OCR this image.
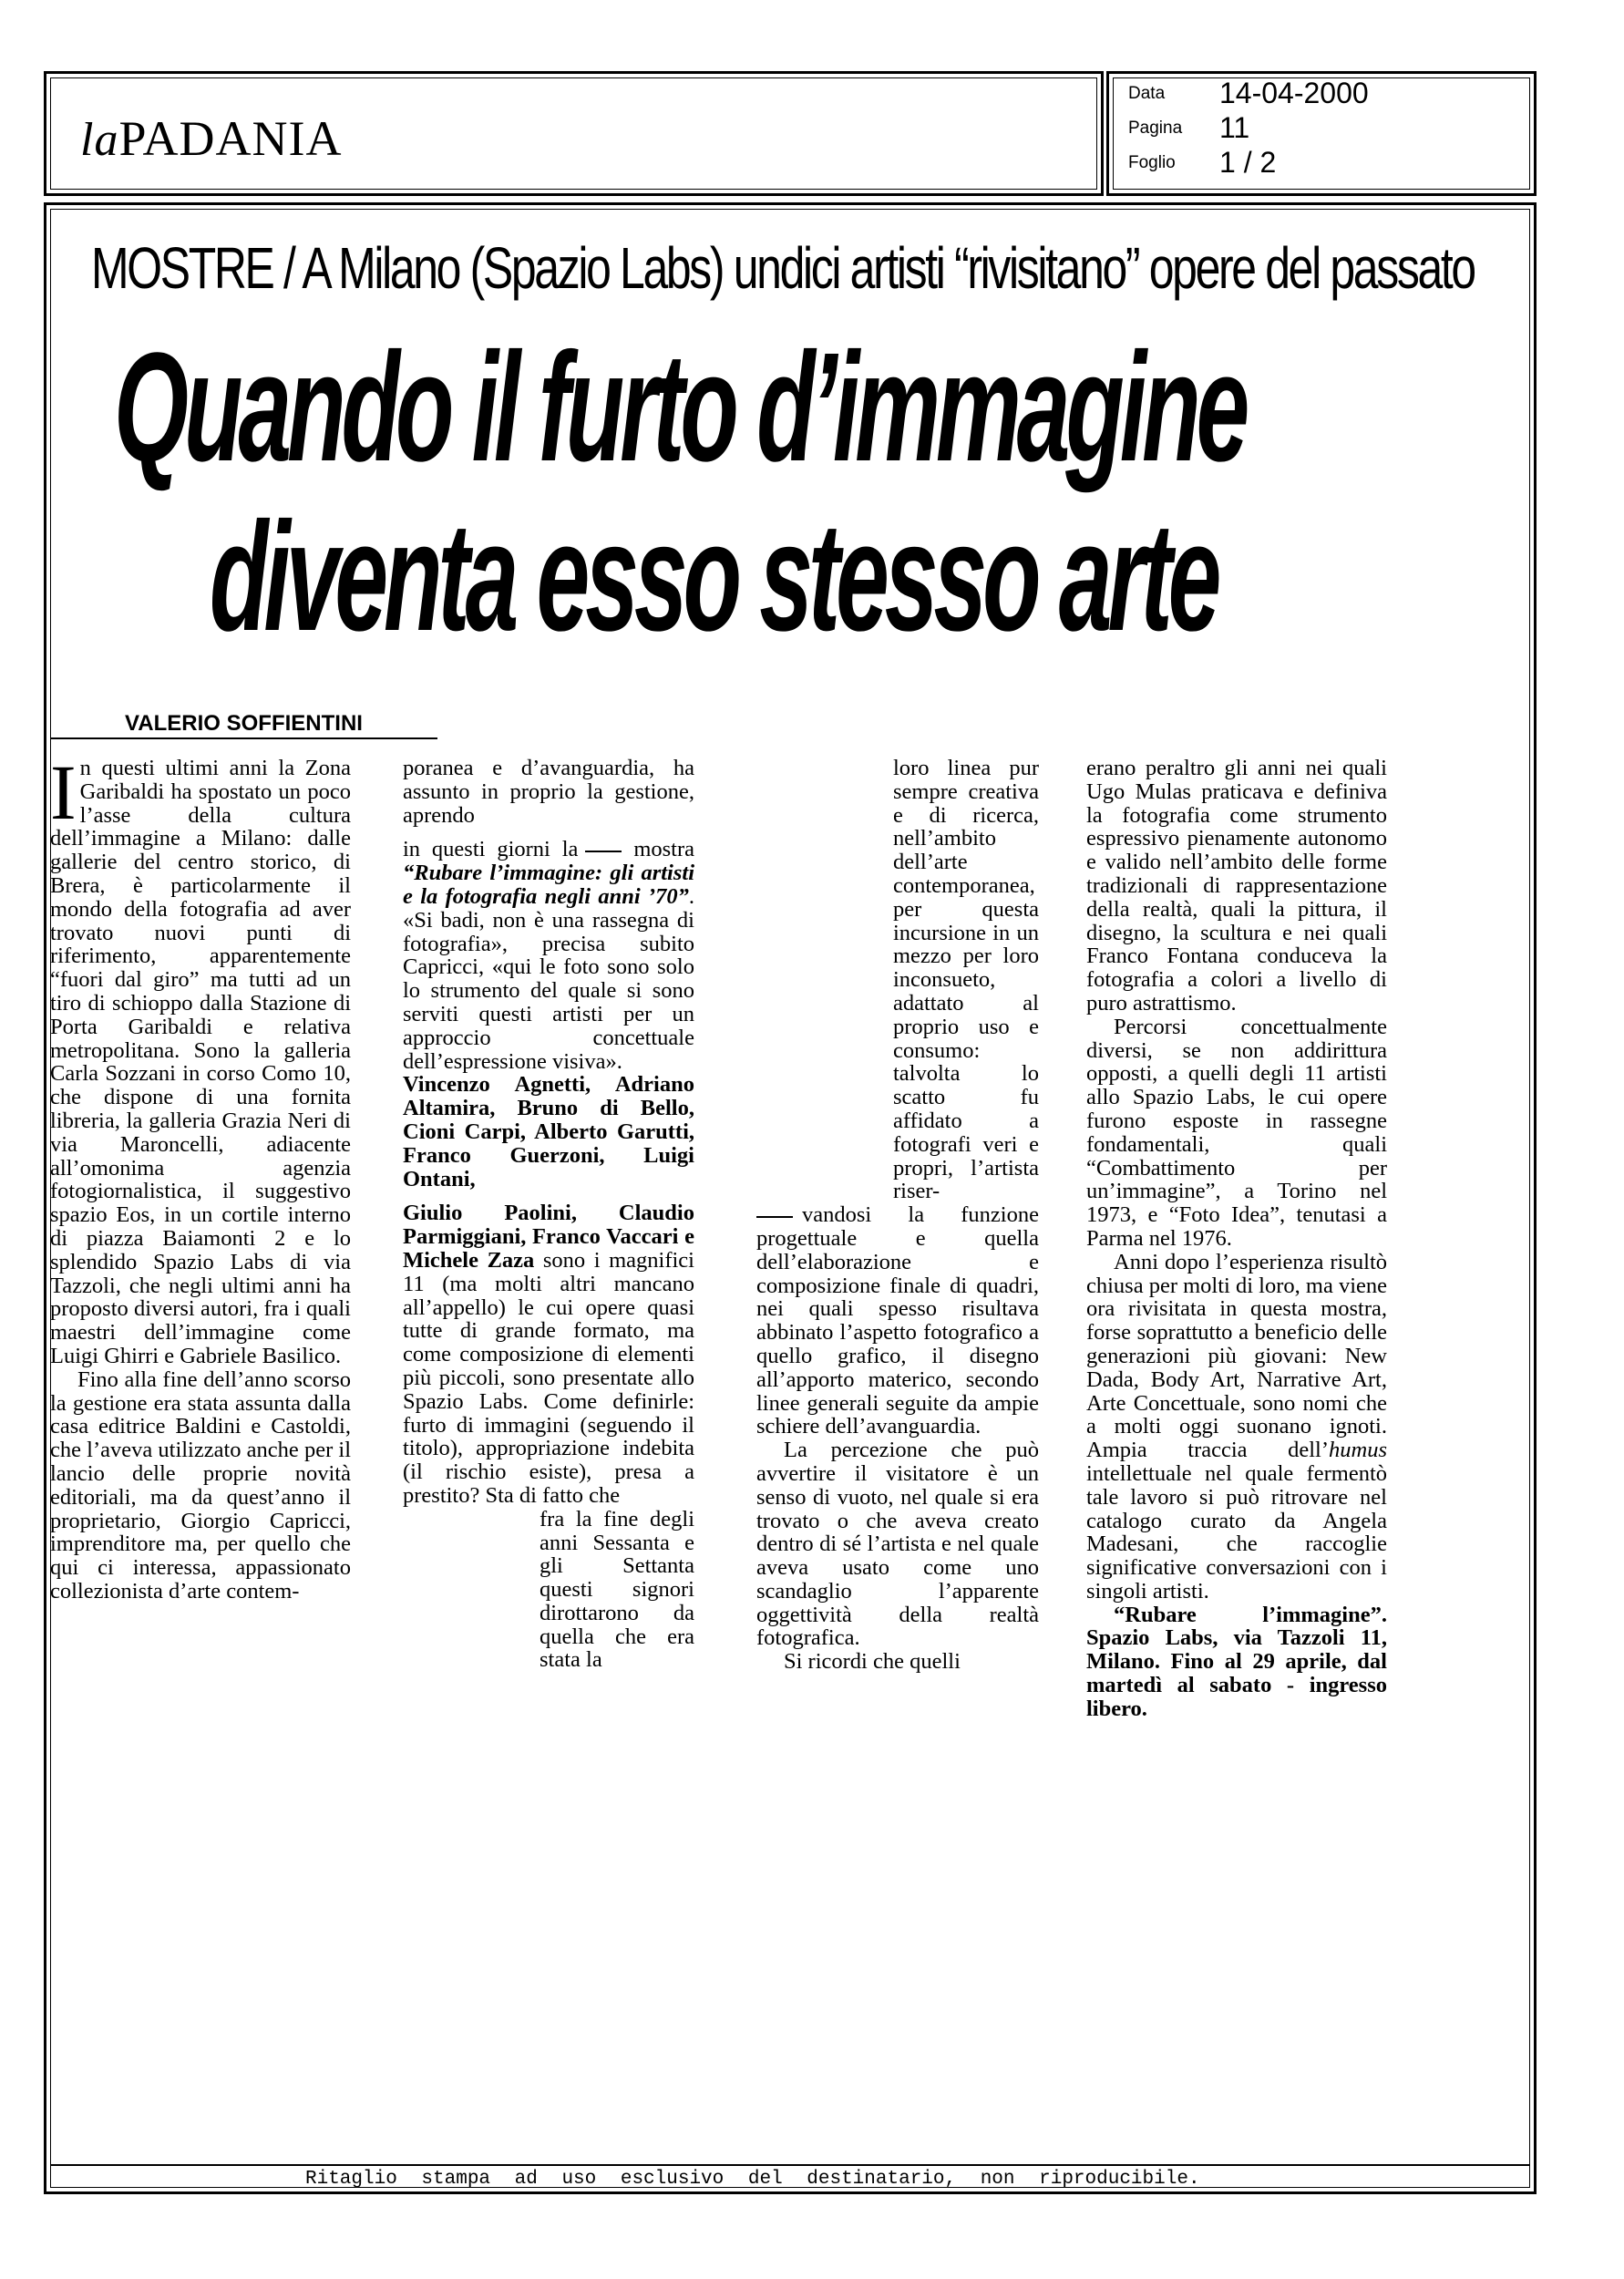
laPADANIA
Data 14-04-2000
Pagina 11
Foglio 1 / 2
MOSTRE / A Milano (Spazio Labs) undici artisti “rivisitano” opere del passato
Quando il furto d’immagine
diventa esso stesso arte
VALERIO SOFFIENTINI

In questi ultimi anni la Zona Garibaldi ha spostato un poco l’asse della cultura dell’immagine a Milano: dalle gallerie del centro storico, di Brera, è particolarmente il mondo della fotografia ad aver trovato nuovi punti di riferimento, apparentemente “fuori dal giro” ma tutti ad un tiro di schioppo dalla Stazione di Porta Garibaldi e relativa metropolitana. Sono la galleria Carla Sozzani in corso Como 10, che dispone di una fornita libreria, la galleria Grazia Neri di via Maroncelli, adiacente all’omonima agenzia fotogiornalistica, il suggestivo spazio Eos, in un cortile interno di piazza Baiamonti 2 e lo splendido Spazio Labs di via Tazzoli, che negli ultimi anni ha proposto diversi autori, fra i quali maestri dell’immagine come Luigi Ghirri e Gabriele Basilico.

Fino alla fine dell’anno scorso la gestione era stata assunta dalla casa editrice Baldini e Castoldi, che l’aveva utilizzato anche per il lancio delle proprie novità editoriali, ma da quest’anno il proprietario, Giorgio Capricci, imprenditore ma, per quello che qui ci interessa, appassionato collezionista d’arte contem-

poranea e d’avanguardia, ha assunto in proprio la gestione, aprendo

in questi giorni la mostra “Rubare l’immagine: gli artisti e la fotografia negli anni ’70”. «Si badi, non è una rassegna di fotografia», precisa subito Capricci, «qui le foto sono solo lo strumento del quale si sono serviti questi artisti per un approccio concettuale dell’espressione visiva».

Vincenzo Agnetti, Adriano Altamira, Bruno di Bello, Cioni Carpi, Alberto Garutti, Franco Guerzoni, Luigi Ontani,

Giulio Paolini, Claudio Parmiggiani, Franco Vaccari e Michele Zaza sono i magnifici 11 (ma molti altri mancano all’appello) le cui opere quasi tutte di grande formato, ma come composizione di elementi più piccoli, sono presentate allo Spazio Labs. Come definirle: furto di immagini (seguendo il titolo), appropriazione indebita (il rischio esiste), presa a prestito? Sta di fatto che

fra la fine degli anni Sessanta e gli Settanta questi signori dirottarono da quella che era stata la

loro linea pur sempre creativa e di ricerca, nell’ambito dell’arte contemporanea, per questa incursione in un mezzo per loro inconsueto, adattato al proprio uso e consumo: talvolta lo scatto fu affidato a fotografi veri e propri, l’artista riser-

vandosi la funzione progettuale e quella dell’elaborazione e composizione finale di quadri, nei quali spesso risultava abbinato l’aspetto fotografico a quello grafico, il disegno all’apporto materico, secondo linee generali seguite da ampie schiere dell’avanguardia.

La percezione che può avvertire il visitatore è un senso di vuoto, nel quale si era trovato o che aveva creato dentro di sé l’artista e nel quale aveva usato come uno scandaglio l’apparente oggettività della realtà fotografica.

Si ricordi che quelli

erano peraltro gli anni nei quali Ugo Mulas praticava e definiva la fotografia come strumento espressivo pienamente autonomo e valido nell’ambito delle forme tradizionali di rappresentazione della realtà, quali la pittura, il disegno, la scultura e nei quali Franco Fontana conduceva la fotografia a colori a livello di puro astrattismo.

Percorsi concettualmente diversi, se non addirittura opposti, a quelli degli 11 artisti allo Spazio Labs, le cui opere furono esposte in rassegne fondamentali, quali “Combattimento per un’immagine”, a Torino nel 1973, e “Foto Idea”, tenutasi a Parma nel 1976.

Anni dopo l’esperienza risultò chiusa per molti di loro, ma viene ora rivisitata in questa mostra, forse soprattutto a beneficio delle generazioni più giovani: New Dada, Body Art, Narrative Art, Arte Concettuale, sono nomi che a molti oggi suonano ignoti. Ampia traccia dell’humus intellettuale nel quale fermentò tale lavoro si può ritrovare nel catalogo curato da Angela Madesani, che raccoglie significative conversazioni con i singoli artisti.

“Rubare l’immagine”. Spazio Labs, via Tazzoli 11, Milano. Fino al 29 aprile, dal martedì al sabato - ingresso libero.

Ritaglio stampa ad uso esclusivo del destinatario, non riproducibile.
